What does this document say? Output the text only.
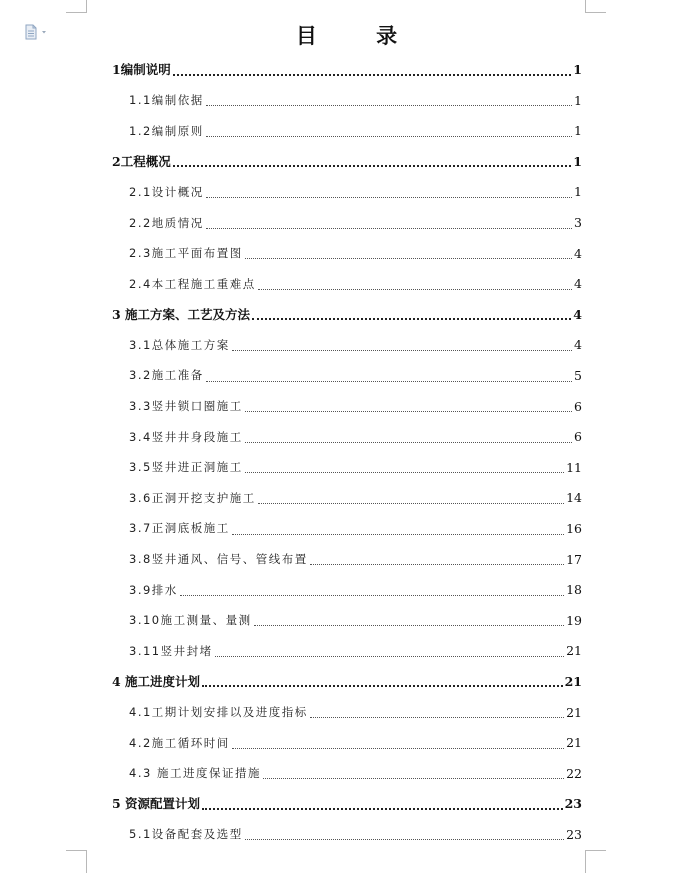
目 录
1编制说明	1
1.1编制依据	1
1.2编制原则	1
2工程概况	1
2.1设计概况	1
2.2地质情况	3
2.3施工平面布置图	4
2.4本工程施工重难点	4
3 施工方案、工艺及方法	4
3.1总体施工方案	4
3.2施工准备	5
3.3竖井锁口圈施工	6
3.4竖井井身段施工	6
3.5竖井进正洞施工	11
3.6正洞开挖支护施工	14
3.7正洞底板施工	16
3.8竖井通风、信号、管线布置	17
3.9排水	18
3.10施工测量、量测	19
3.11竖井封堵	21
4 施工进度计划	21
4.1工期计划安排以及进度指标	21
4.2施工循环时间	21
4.3 施工进度保证措施	22
5 资源配置计划	23
5.1设备配套及选型	23
